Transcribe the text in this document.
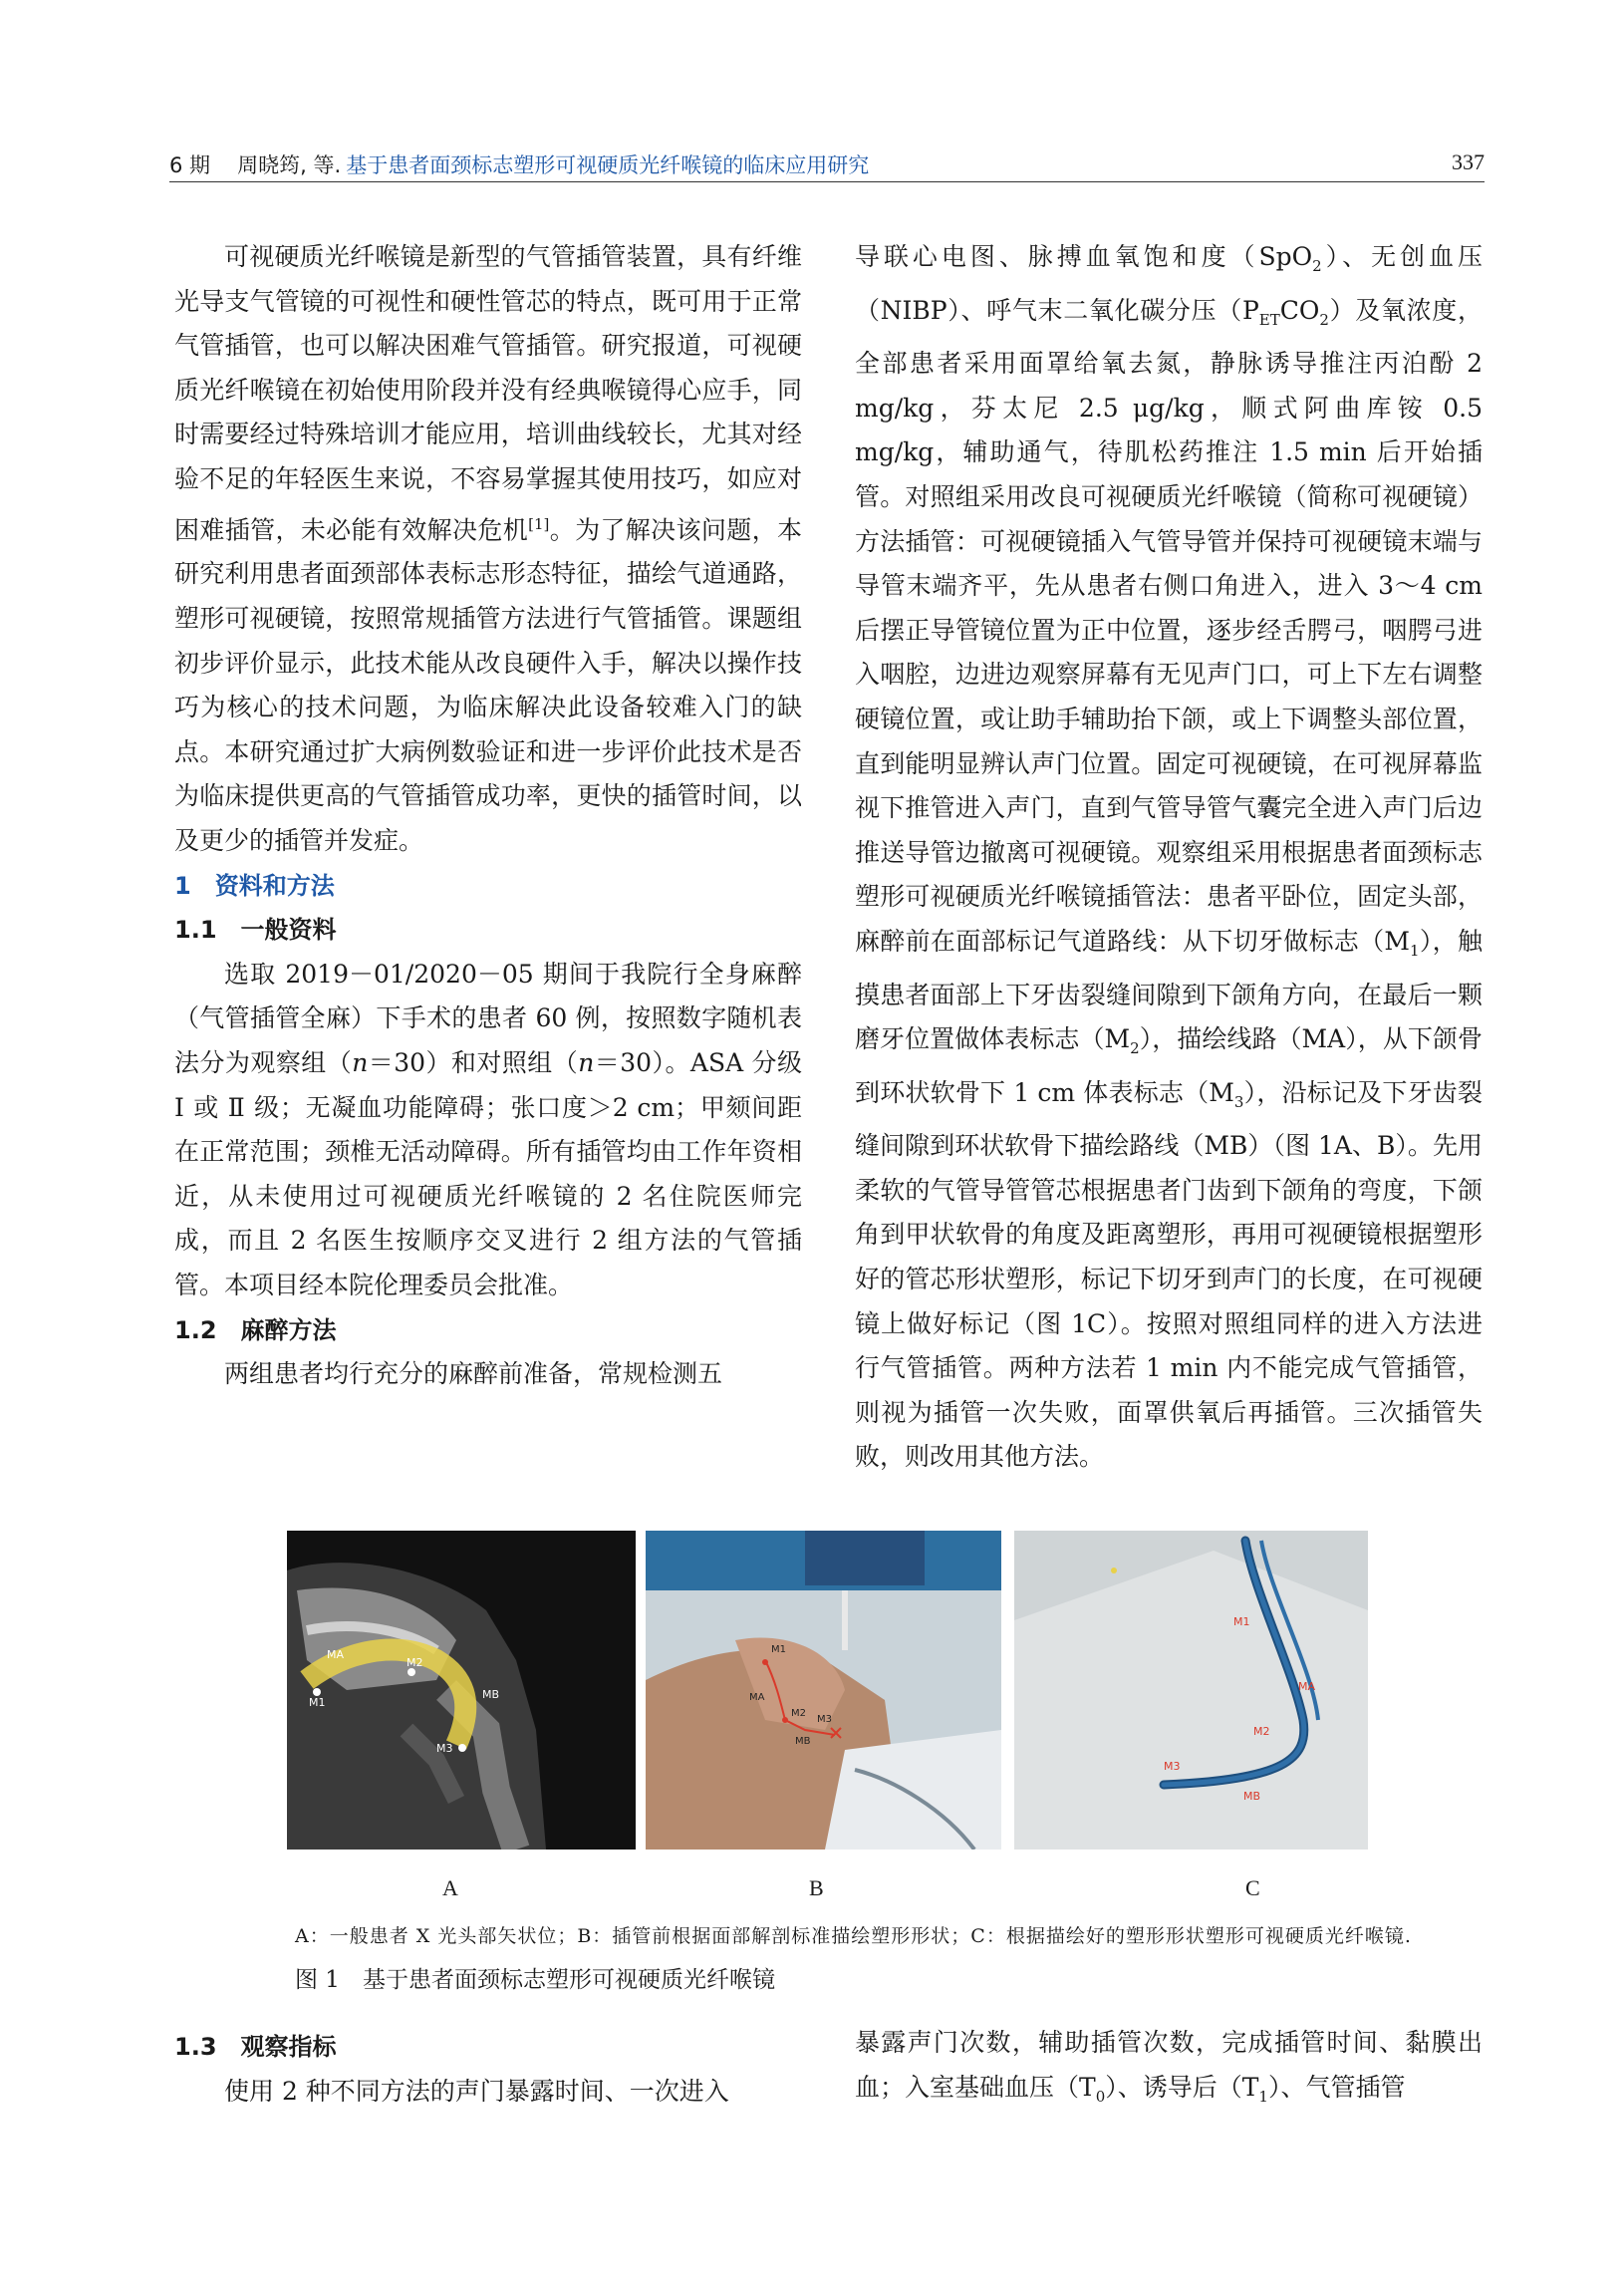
6 期 周晓筠, 等. 基于患者面颈标志塑形可视硬质光纤喉镜的临床应用研究	337

可视硬质光纤喉镜是新型的气管插管装置，具有纤维光导支气管镜的可视性和硬性管芯的特点，既可用于正常气管插管，也可以解决困难气管插管。研究报道，可视硬质光纤喉镜在初始使用阶段并没有经典喉镜得心应手，同时需要经过特殊培训才能应用，培训曲线较长，尤其对经验不足的年轻医生来说，不容易掌握其使用技巧，如应对困难插管，未必能有效解决危机[1]。为了解决该问题，本研究利用患者面颈部体表标志形态特征，描绘气道通路，塑形可视硬镜，按照常规插管方法进行气管插管。课题组初步评价显示，此技术能从改良硬件入手，解决以操作技巧为核心的技术问题，为临床解决此设备较难入门的缺点。本研究通过扩大病例数验证和进一步评价此技术是否为临床提供更高的气管插管成功率，更快的插管时间，以及更少的插管并发症。

1　资料和方法

1.1　一般资料

选取 2019－01/2020－05 期间于我院行全身麻醉（气管插管全麻）下手术的患者 60 例，按照数字随机表法分为观察组（n＝30）和对照组（n＝30）。ASA 分级 Ⅰ 或 Ⅱ 级；无凝血功能障碍；张口度＞2 cm；甲颏间距在正常范围；颈椎无活动障碍。所有插管均由工作年资相近，从未使用过可视硬质光纤喉镜的 2 名住院医师完成，而且 2 名医生按顺序交叉进行 2 组方法的气管插管。本项目经本院伦理委员会批准。

1.2　麻醉方法

两组患者均行充分的麻醉前准备，常规检测五

导联心电图、脉搏血氧饱和度（SpO$_2$）、无创血压（NIBP）、呼气末二氧化碳分压$(P_{ET}CO_2)$及氧浓度，全部患者采用面罩给氧去氮，静脉诱导推注丙泊酚 2 mg/kg，芬太尼 2.5 μg/kg，顺式阿曲库铵 0.5 mg/kg，辅助通气，待肌松药推注 1.5 min 后开始插管。对照组采用改良可视硬质光纤喉镜（简称可视硬镜）方法插管：可视硬镜插入气管导管并保持可视硬镜末端与导管末端齐平，先从患者右侧口角进入，进入 3～4 cm 后摆正导管镜位置为正中位置，逐步经舌腭弓，咽腭弓进入咽腔，边进边观察屏幕有无见声门口，可上下左右调整硬镜位置，或让助手辅助抬下颌，或上下调整头部位置，直到能明显辨认声门位置。固定可视硬镜，在可视屏幕监视下推管进入声门，直到气管导管气囊完全进入声门后边推送导管边撤离可视硬镜。观察组采用根据患者面颈标志塑形可视硬质光纤喉镜插管法：患者平卧位，固定头部，麻醉前在面部标记气道路线：从下切牙做标志$(M_1)$，触摸患者面部上下牙齿裂缝间隙到下颌角方向，在最后一颗磨牙位置做体表标志$(M_2)$，描绘线路（MA），从下颌骨到环状软骨下 1 cm 体表标志$(M_3)$，沿标记及下牙齿裂缝间隙到环状软骨下描绘路线（MB）（图 1A、B）。先用柔软的气管导管管芯根据患者门齿到下颌角的弯度，下颌角到甲状软骨的角度及距离塑形，再用可视硬镜根据塑形好的管芯形状塑形，标记下切牙到声门的长度，在可视硬镜上做好标记（图 1C）。按照对照组同样的进入方法进行气管插管。两种方法若 1 min 内不能完成气管插管，则视为插管一次失败，面罩供氧后再插管。三次插管失败，则改用其他方法。

MA
M2
M1
MB
M3
M1
MA
M2
M3
MB
M1
MA
M2
M3
MB
A	B	C
A：一般患者 X 光头部矢状位；B：插管前根据面部解剖标准描绘塑形形状；C：根据描绘好的塑形形状塑形可视硬质光纤喉镜.
图 1　基于患者面颈标志塑形可视硬质光纤喉镜

1.3　观察指标

使用 2 种不同方法的声门暴露时间、一次进入

暴露声门次数，辅助插管次数，完成插管时间、黏膜出血；入室基础血压$(T_0)$、诱导后$(T_1)$、气管插管
